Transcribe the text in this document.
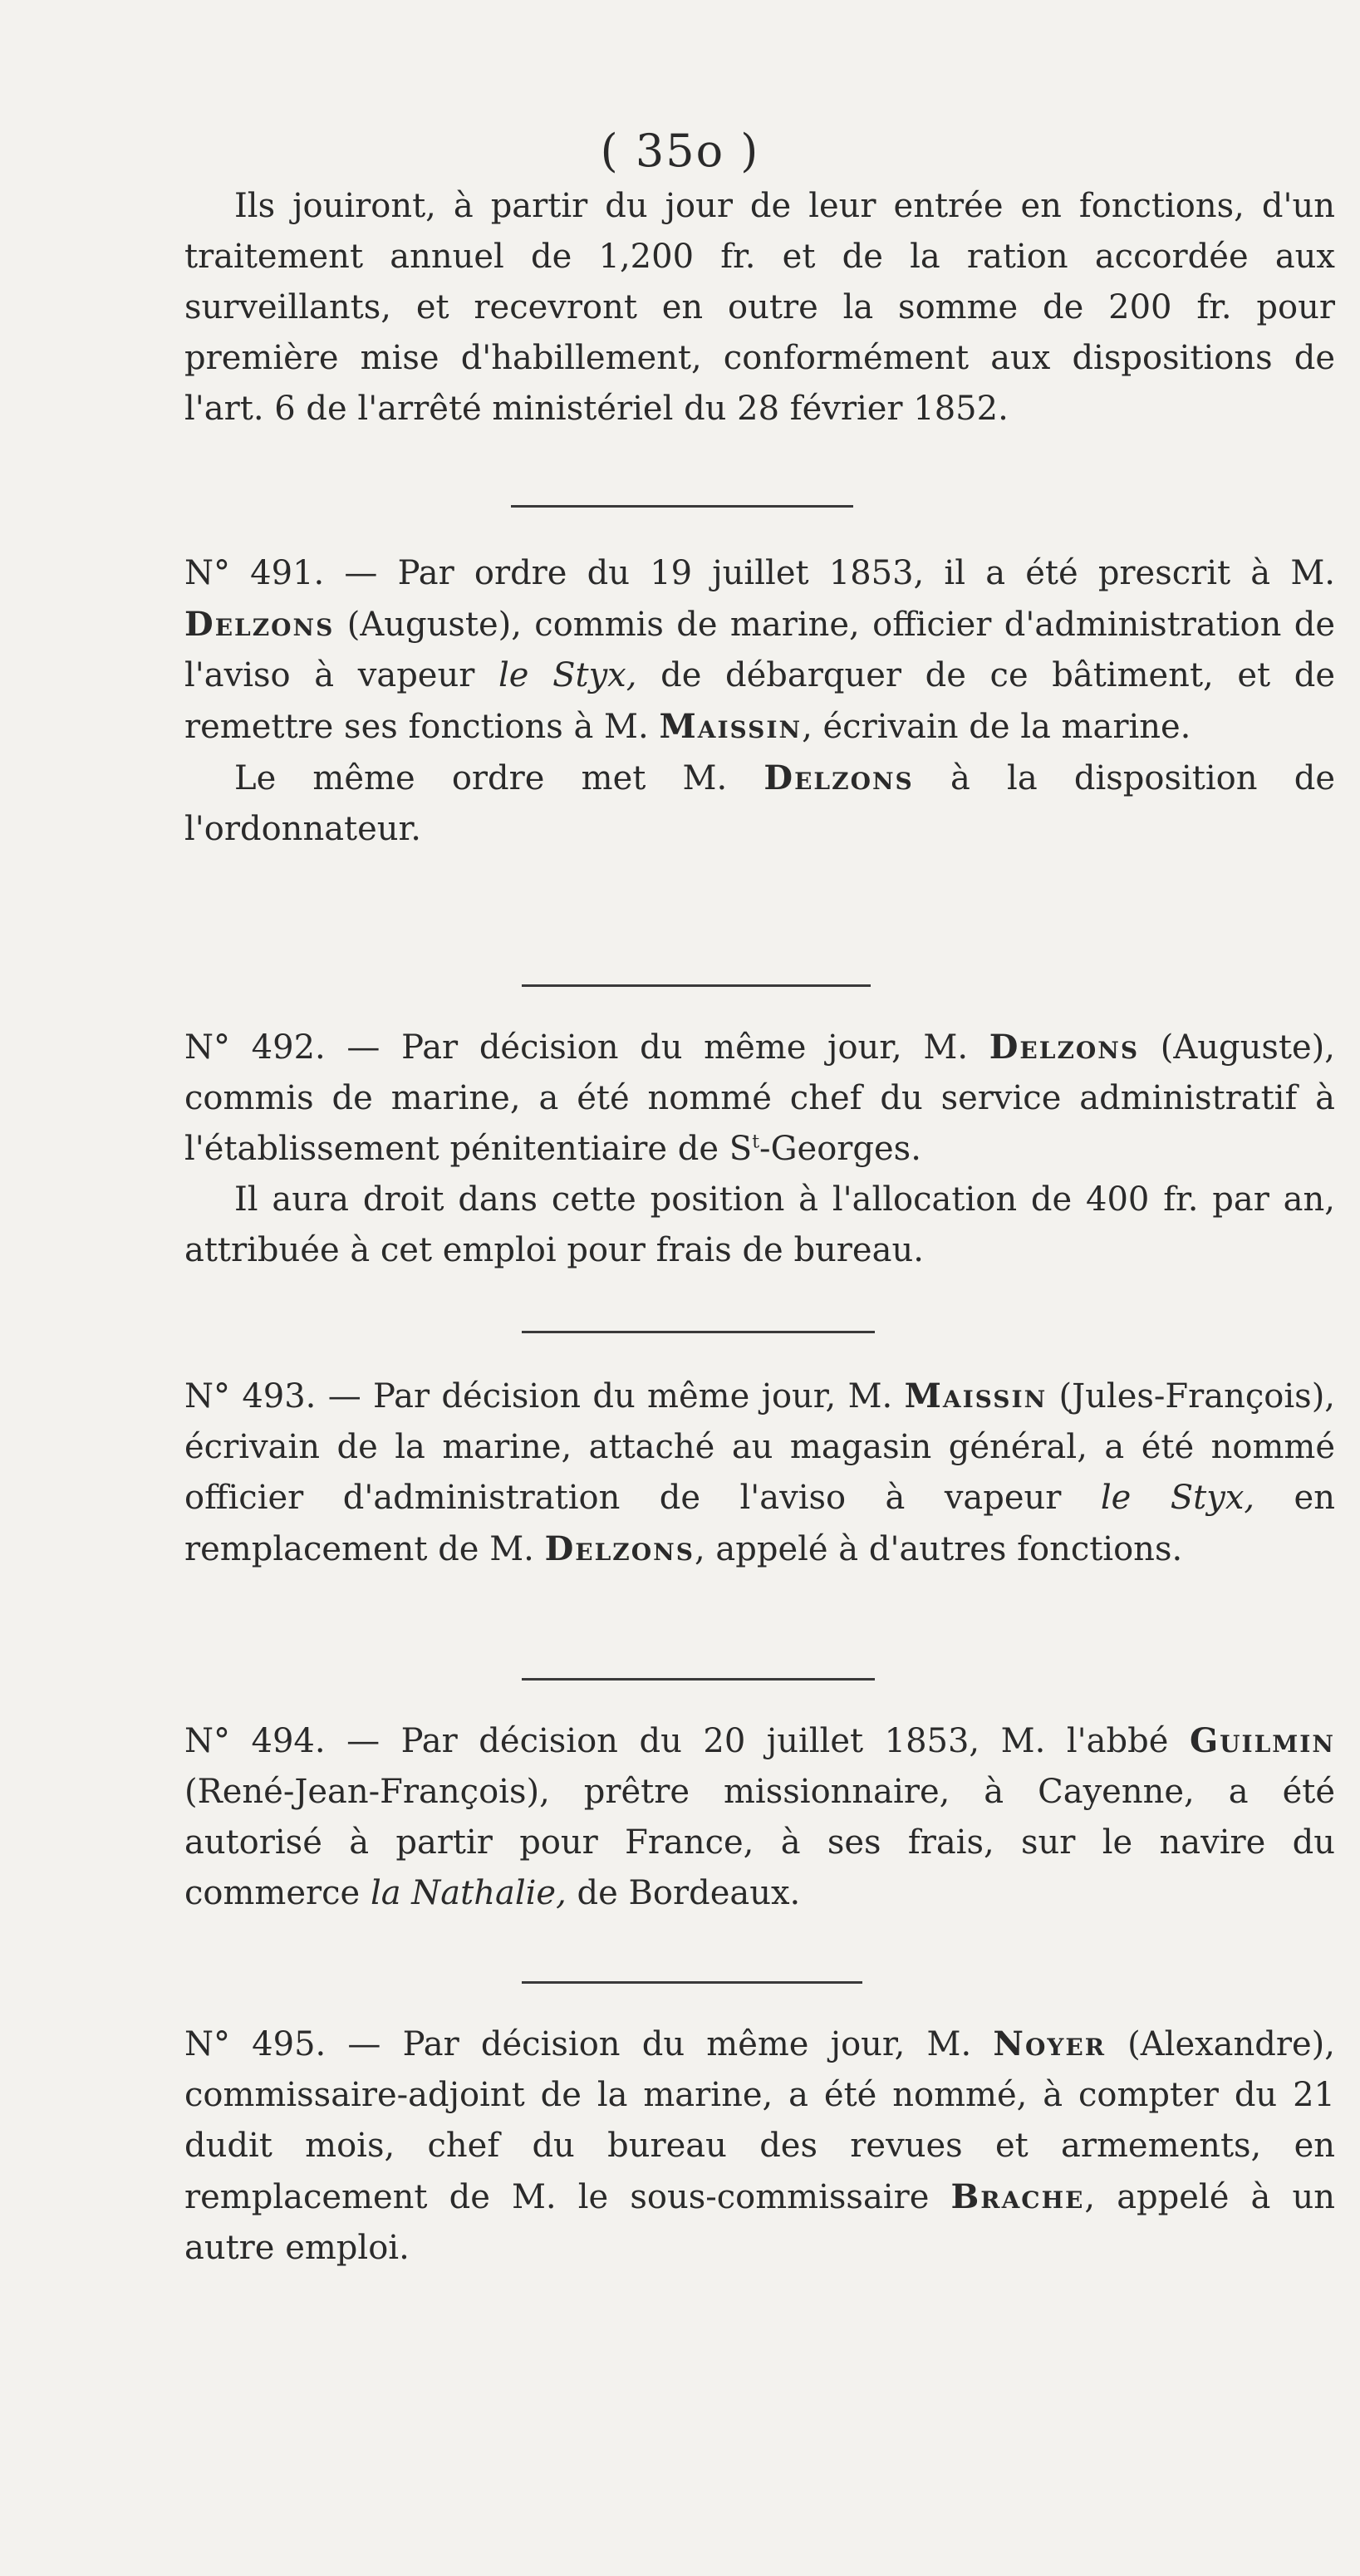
( 35o )

Ils jouiront, à partir du jour de leur entrée en fonctions, d'un traitement annuel de 1,200 fr. et de la ration accordée aux surveillants, et recevront en outre la somme de 200 fr. pour première mise d'habillement, conformément aux dispositions de l'art. 6 de l'arrêté ministériel du 28 février 1852.

N° 491. — Par ordre du 19 juillet 1853, il a été prescrit à M. Delzons (Auguste), commis de marine, officier d'administration de l'aviso à vapeur le Styx, de débarquer de ce bâtiment, et de remettre ses fonctions à M. Maissin, écrivain de la marine.

Le même ordre met M. Delzons à la disposition de l'ordonnateur.

N° 492. — Par décision du même jour, M. Delzons (Auguste), commis de marine, a été nommé chef du service administratif à l'établissement pénitentiaire de $S^t$-Georges.

Il aura droit dans cette position à l'allocation de 400 fr. par an, attribuée à cet emploi pour frais de bureau.

N° 493. — Par décision du même jour, M. Maissin (Jules-François), écrivain de la marine, attaché au magasin général, a été nommé officier d'administration de l'aviso à vapeur le Styx, en remplacement de M. Delzons, appelé à d'autres fonctions.

N° 494. — Par décision du 20 juillet 1853, M. l'abbé Guilmin (René-Jean-François), prêtre missionnaire, à Cayenne, a été autorisé à partir pour France, à ses frais, sur le navire du commerce la Nathalie, de Bordeaux.

N° 495. — Par décision du même jour, M. Noyer (Alexandre), commissaire-adjoint de la marine, a été nommé, à compter du 21 dudit mois, chef du bureau des revues et armements, en remplacement de M. le sous-commissaire Brache, appelé à un autre emploi.
